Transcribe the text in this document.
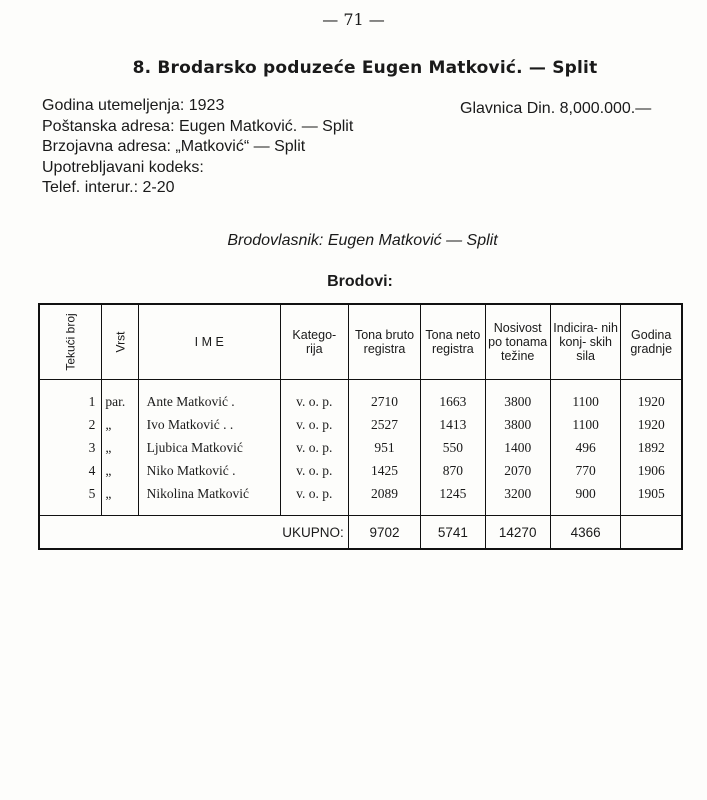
— 71 —
8. Brodarsko poduzeće Eugen Matković. — Split
Godina utemeljenja: 1923
Poštanska adresa: Eugen Matković. — Split
Brzojavna adresa: „Matković“ — Split
Upotrebljavani kodeks:
Telef. interur.: 2-20
Glavnica Din. 8,000.000.—
Brodovlasnik: Eugen Matković — Split
Brodovi:
Tekući broj	Vrst	I M E	Katego- rija	Tona bruto registra	Tona neto registra	Nosivost po tonama težine	Indicira- nih konj- skih sila	Godina gradnje
1	par.	Ante Matković .	v. o. p.	2710	1663	3800	1100	1920
2	„	Ivo Matković . .	v. o. p.	2527	1413	3800	1100	1920
3	„	Ljubica Matković	v. o. p.	951	550	1400	496	1892
4	„	Niko Matković .	v. o. p.	1425	870	2070	770	1906
5	„	Nikolina Matković	v. o. p.	2089	1245	3200	900	1905
UKUPNO:				9702	5741	14270	4366	
